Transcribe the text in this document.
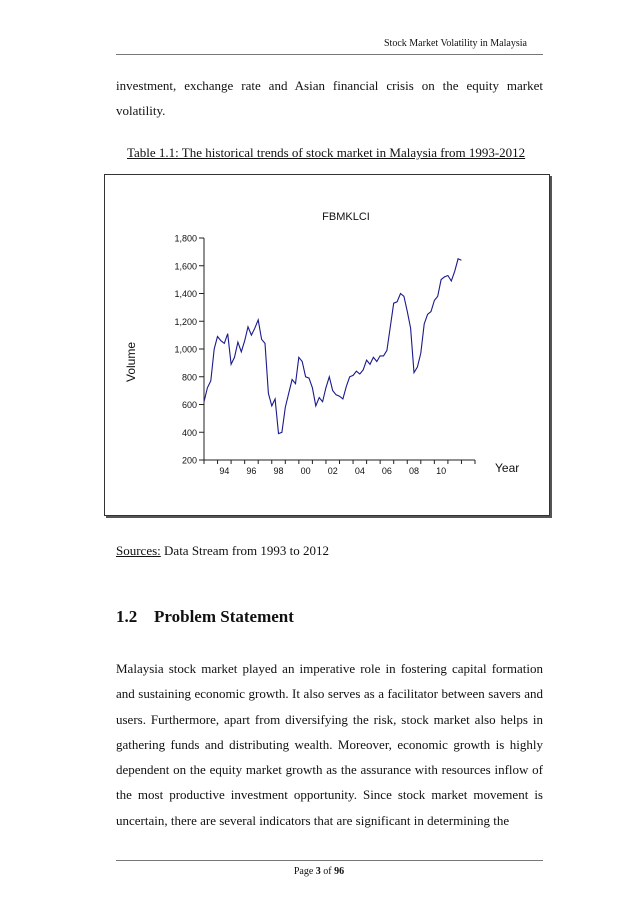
Stock Market Volatility in Malaysia
investment, exchange rate and Asian financial crisis on the equity market volatility.
Table 1.1: The historical trends of stock market in Malaysia from 1993-2012
FBMKLCI
Volume
Year
200
400
600
800
1,000
1,200
1,400
1,600
1,800
94 96 98 00 02 04 06 08 10
Sources: Data Stream from 1993 to 2012
1.2 Problem Statement
Malaysia stock market played an imperative role in fostering capital formation and sustaining economic growth. It also serves as a facilitator between savers and users. Furthermore, apart from diversifying the risk, stock market also helps in gathering funds and distributing wealth. Moreover, economic growth is highly dependent on the equity market growth as the assurance with resources inflow of the most productive investment opportunity. Since stock market movement is uncertain, there are several indicators that are significant in determining the
Page 3 of 96
